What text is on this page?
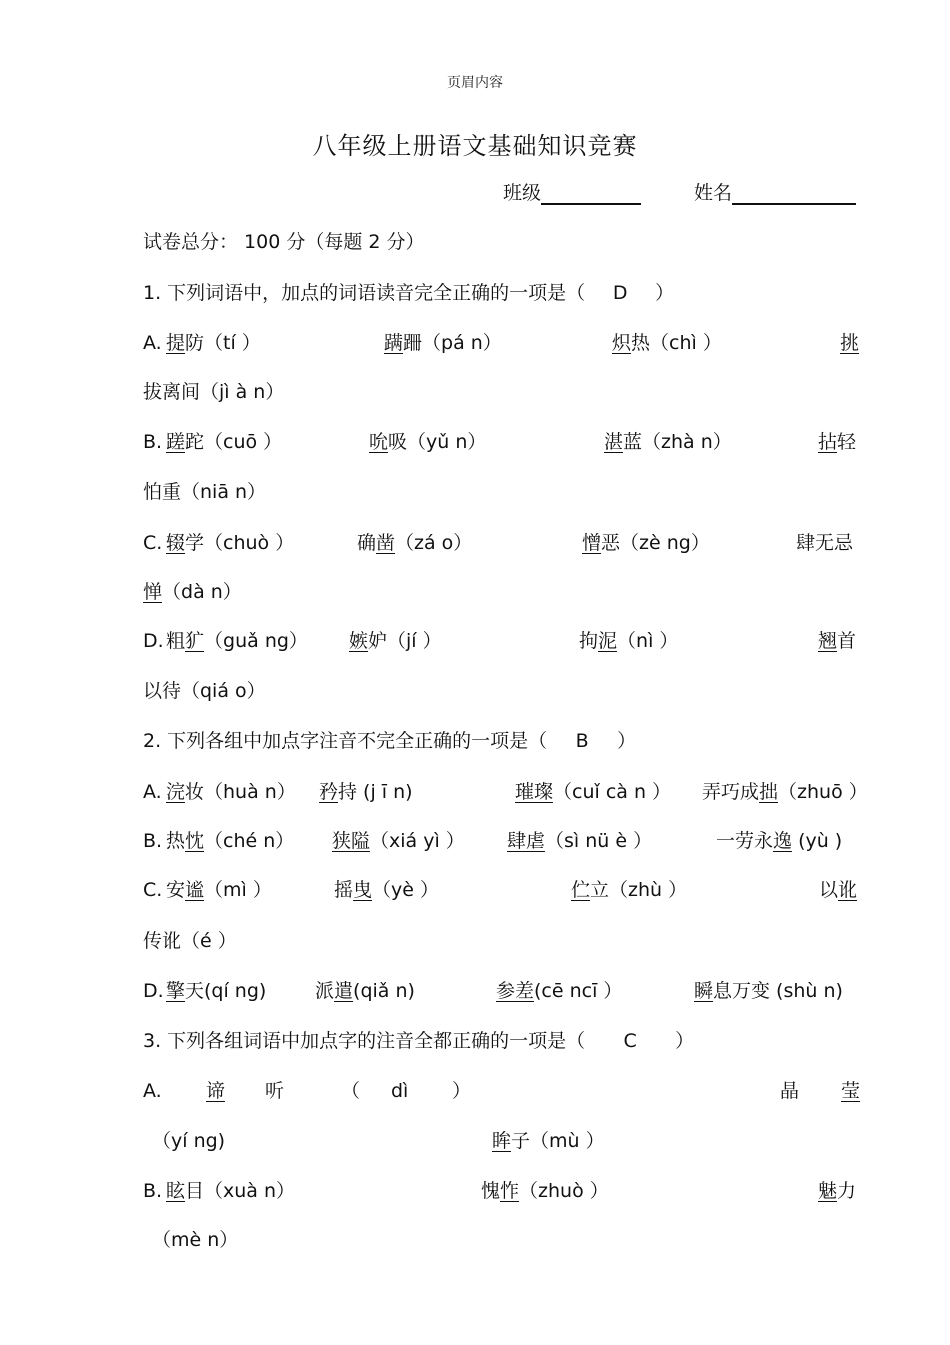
页眉内容
八年级上册语文基础知识竞赛
班级	姓名
试卷总分： 100 分（每题 2 分）
1. 下列词语中，加点的词语读音完全正确的一项是（ D ）
A. 提防（tí ）	蹒跚（pá n）	炽热（chì ）	挑
拔离间（jì à n）
B. 蹉跎（cuō ）	吮吸（yǔ n）	湛蓝（zhà n）	拈轻
怕重（niā n）
C. 辍学（chuò ）	确凿（zá o）	憎恶（zè ng）	肆无忌
惮（dà n）
D. 粗犷（guǎ ng） 嫉妒（jí ）	拘泥（nì ）	翘首
以待（qiá o）
2. 下列各组中加点字注音不完全正确的一项是（ B ）
A. 浣妆（huà n） 矜持 (j ī n)	璀璨（cuǐ cà n ） 弄巧成拙（zhuō ）
B. 热忱（ché n） 狭隘（xiá yì ） 肆虐（sì nü è ）	一劳永逸 (yù )
C. 安谧（mì ）	摇曳（yè ）	伫立（zhù ）	以讹
传讹（é ）
D. 擎天(qí ng)	派遣(qiǎ n)	参差(cē ncī ）	瞬息万变 (shù n)
3. 下列各组词语中加点字的注音全都正确的一项是（ C ）
A. 谛 听	（ dì ）	晶 莹
（yí ng)	眸子（mù ）
B. 眩目（xuà n）	愧怍（zhuò ）	魅力
（mè n）
